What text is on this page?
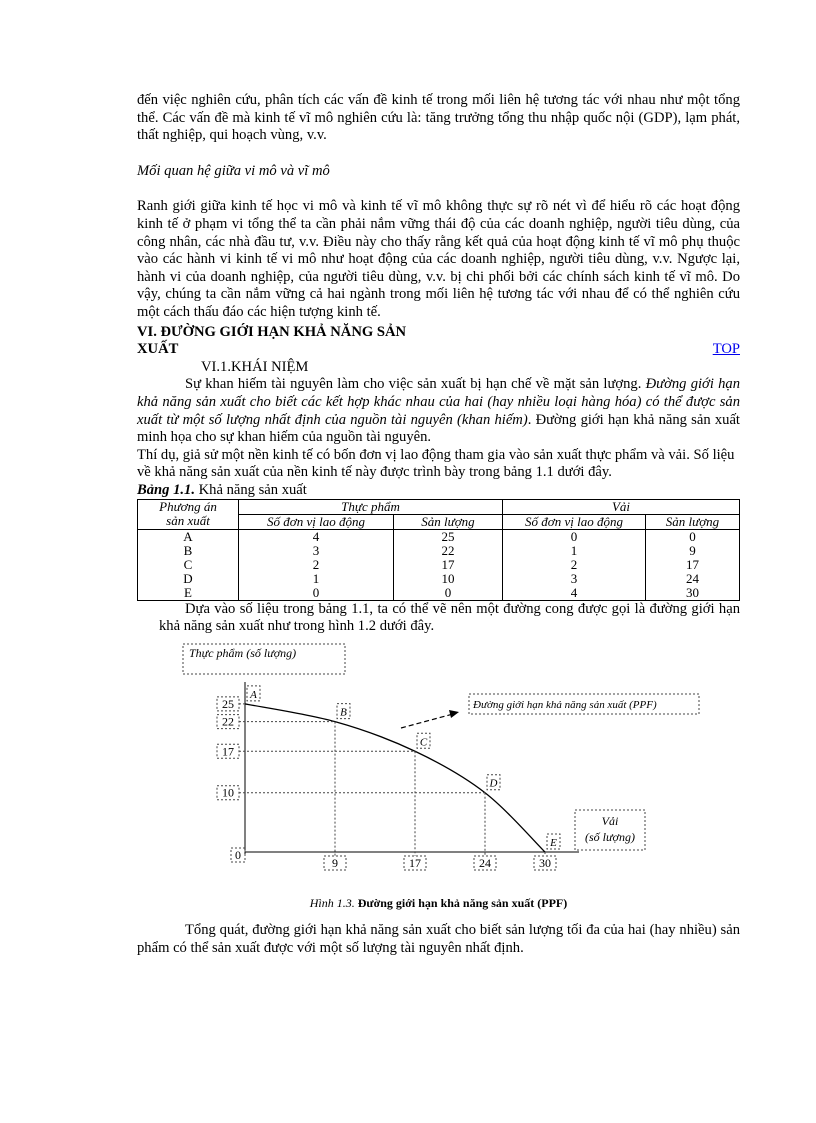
đến việc nghiên cứu, phân tích các vấn đề kinh tế trong mối liên hệ tương tác với nhau như một tổng thể. Các vấn đề mà kinh tế vĩ mô nghiên cứu là: tăng trưởng tổng thu nhập quốc nội (GDP), lạm phát, thất nghiệp, qui hoạch vùng, v.v.

Mối quan hệ giữa vi mô và vĩ mô

Ranh giới giữa kinh tế học vi mô và kinh tế vĩ mô không thực sự rõ nét vì để hiểu rõ các hoạt động kinh tế ở phạm vi tổng thể ta cần phải nắm vững thái độ của các doanh nghiệp, người tiêu dùng, của công nhân, các nhà đầu tư, v.v. Điều này cho thấy rằng kết quả của hoạt động kinh tế vĩ mô phụ thuộc vào các hành vi kinh tế vi mô như hoạt động của các doanh nghiệp, người tiêu dùng, v.v. Ngược lại, hành vi của doanh nghiệp, của người tiêu dùng, v.v. bị chi phối bởi các chính sách kinh tế vĩ mô. Do vậy, chúng ta cần nắm vững cả hai ngành trong mối liên hệ tương tác với nhau để có thể nghiên cứu một cách thấu đáo các hiện tượng kinh tế.

VI. ĐƯỜNG GIỚI HẠN KHẢ NĂNG SẢN
XUẤT	TOP

VI.1.KHÁI NIỆM

Sự khan hiếm tài nguyên làm cho việc sản xuất bị hạn chế về mặt sản lượng. Đường giới hạn khả năng sản xuất cho biết các kết hợp khác nhau của hai (hay nhiều loại hàng hóa) có thể được sản xuất từ một số lượng nhất định của nguồn tài nguyên (khan hiếm). Đường giới hạn khả năng sản xuất minh họa cho sự khan hiếm của nguồn tài nguyên.

Thí dụ, giả sử một nền kinh tế có bốn đơn vị lao động tham gia vào sản xuất thực phẩm và vải. Số liệu về khả năng sản xuất của nền kinh tế này được trình bày trong bảng 1.1 dưới đây.

Bảng 1.1. Khả năng sản xuất

Phương án
sản xuất	Thực phẩm		Vải	
	Số đơn vị lao động	Sản lượng	Số đơn vị lao động	Sản lượng
A	4	25	0	0
B	3	22	1	9
C	2	17	2	17
D	1	10	3	24
E	0	0	4	30

Dựa vào số liệu trong bảng 1.1, ta có thể vẽ nên một đường cong được gọi là đường giới hạn khả năng sản xuất như trong hình 1.2 dưới đây.

Thực phẩm (số lượng)
Vải
(số lượng)
Đường giới hạn khả năng sản xuất (PPF)
0
A
B
C
D
E
25
22
17
10
9	17	24	30

Hình 1.3. Đường giới hạn khả năng sản xuất (PPF)

Tổng quát, đường giới hạn khả năng sản xuất cho biết sản lượng tối đa của hai (hay nhiều) sản phẩm có thể sản xuất được với một số lượng tài nguyên nhất định.
